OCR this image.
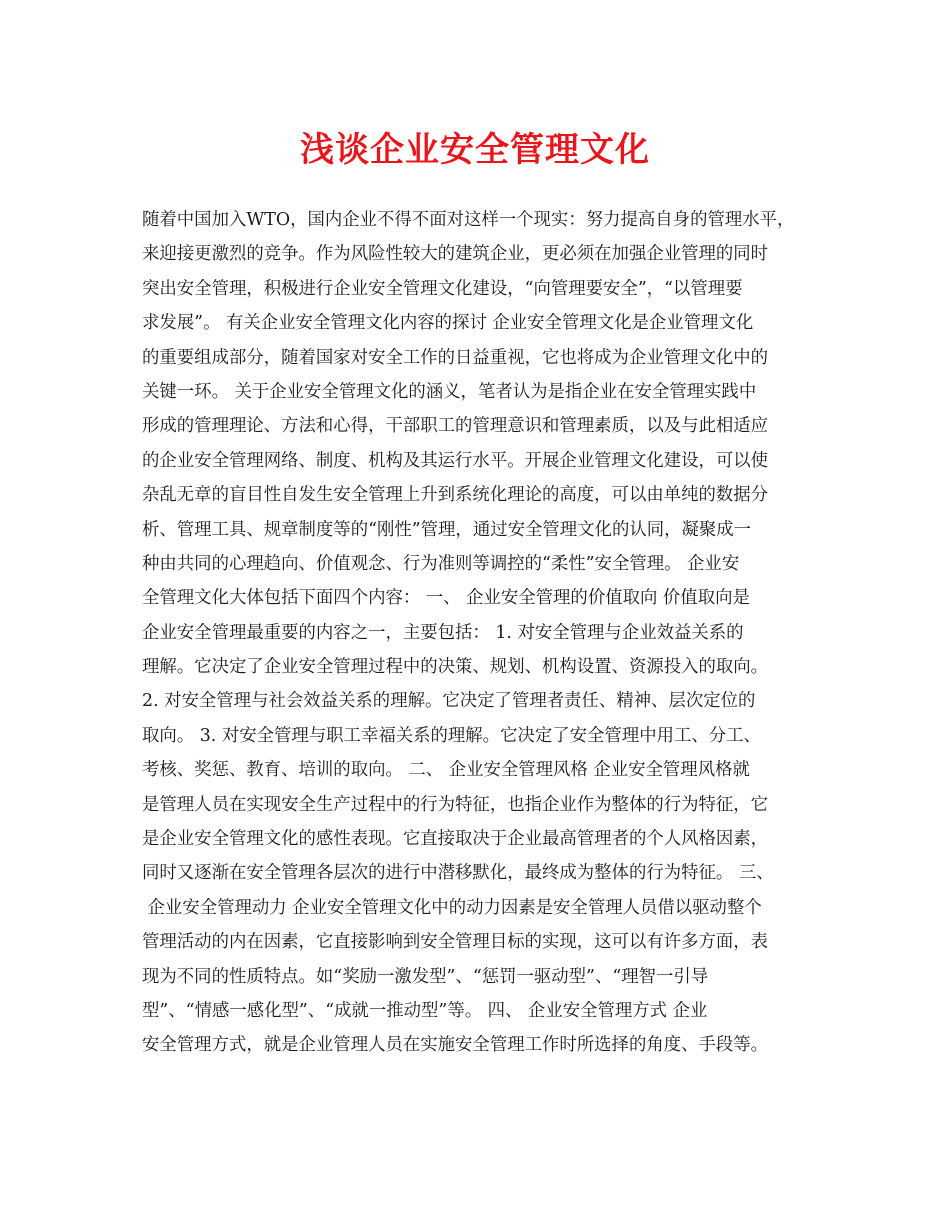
浅谈企业安全管理文化
随着中国加入WTO，国内企业不得不面对这样一个现实：努力提高自身的管理水平，
来迎接更激烈的竞争。作为风险性较大的建筑企业，更必须在加强企业管理的同时
突出安全管理，积极进行企业安全管理文化建设，“向管理要安全”，“以管理要
求发展”。 有关企业安全管理文化内容的探讨 企业安全管理文化是企业管理文化
的重要组成部分，随着国家对安全工作的日益重视，它也将成为企业管理文化中的
关键一环。 关于企业安全管理文化的涵义，笔者认为是指企业在安全管理实践中
形成的管理理论、方法和心得，干部职工的管理意识和管理素质，以及与此相适应
的企业安全管理网络、制度、机构及其运行水平。开展企业管理文化建设，可以使
杂乱无章的盲目性自发生安全管理上升到系统化理论的高度，可以由单纯的数据分
析、管理工具、规章制度等的“刚性”管理，通过安全管理文化的认同，凝聚成一
种由共同的心理趋向、价值观念、行为准则等调控的“柔性”安全管理。 企业安
全管理文化大体包括下面四个内容： 一、 企业安全管理的价值取向 价值取向是
企业安全管理最重要的内容之一，主要包括： 1. 对安全管理与企业效益关系的
理解。它决定了企业安全管理过程中的决策、规划、机构设置、资源投入的取向。
2. 对安全管理与社会效益关系的理解。它决定了管理者责任、精神、层次定位的
取向。 3. 对安全管理与职工幸福关系的理解。它决定了安全管理中用工、分工、
考核、奖惩、教育、培训的取向。 二、 企业安全管理风格 企业安全管理风格就
是管理人员在实现安全生产过程中的行为特征，也指企业作为整体的行为特征，它
是企业安全管理文化的感性表现。它直接取决于企业最高管理者的个人风格因素，
同时又逐渐在安全管理各层次的进行中潜移默化，最终成为整体的行为特征。 三、
企业安全管理动力 企业安全管理文化中的动力因素是安全管理人员借以驱动整个
管理活动的内在因素，它直接影响到安全管理目标的实现，这可以有许多方面，表
现为不同的性质特点。如“奖励一激发型”、“惩罚一驱动型”、“理智一引导
型”、“情感一感化型”、“成就一推动型”等。 四、 企业安全管理方式 企业
安全管理方式，就是企业管理人员在实施安全管理工作时所选择的角度、手段等。
